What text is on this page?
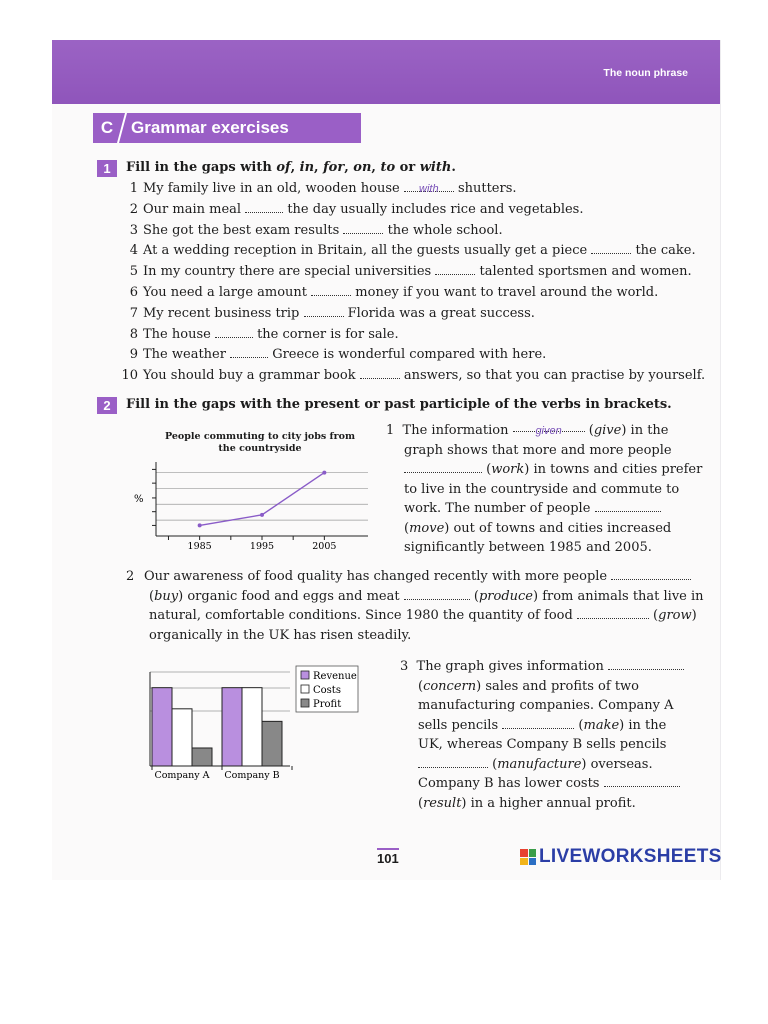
The noun phrase
C	Grammar exercises
1	Fill in the gaps with of, in, for, on, to or with.
1 My family live in an old, wooden house with shutters.
2 Our main meal	the day usually includes rice and vegetables.
3 She got the best exam results	the whole school.
4 At a wedding reception in Britain, all the guests usually get a piece	the cake.
5 In my country there are special universities	talented sportsmen and women.
6 You need a large amount	money if you want to travel around the world.
7 My recent business trip	Florida was a great success.
8 The house	the corner is for sale.
9 The weather	Greece is wonderful compared with here.
10 You should buy a grammar book	answers, so that you can practise by yourself.
2	Fill in the gaps with the present or past participle of the verbs in brackets.
People commuting to city jobs from the countryside
%
1985	1995	2005
1 The information given (give) in the
graph shows that more and more people
(work) in towns and cities prefer
to live in the countryside and commute to
work. The number of people
(move) out of towns and cities increased
significantly between 1985 and 2005.
2 Our awareness of food quality has changed recently with more people
(buy) organic food and eggs and meat	(produce) from animals that live in
natural, comfortable conditions. Since 1980 the quantity of food	(grow)
organically in the UK has risen steadily.
Company A Company B
Revenue
Costs
Profit
3 The graph gives information
(concern) sales and profits of two
manufacturing companies. Company A
sells pencils	(make) in the
UK, whereas Company B sells pencils
(manufacture) overseas.
Company B has lower costs
(result) in a higher annual profit.
101	LIVEWORKSHEETS
